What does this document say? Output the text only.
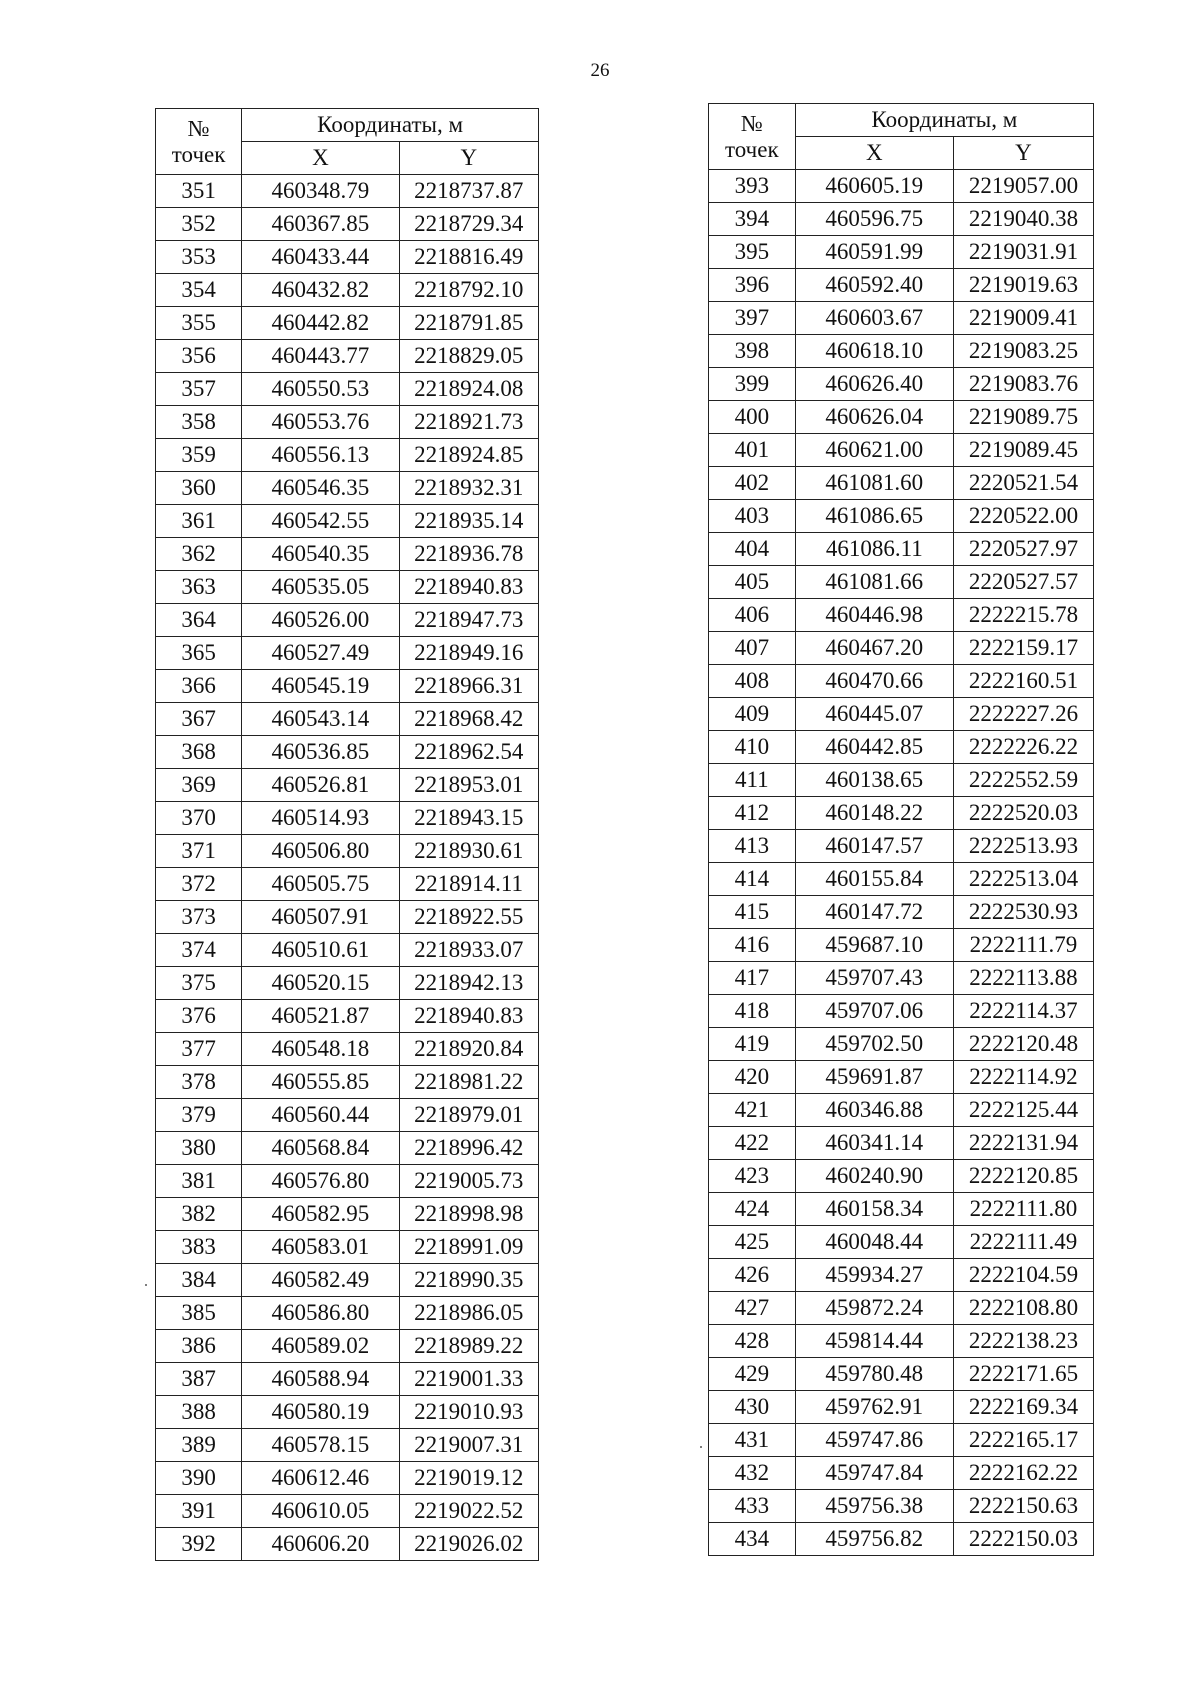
26
№
точек	Координаты, м	
	X	Y
351	460348.79	2218737.87
352	460367.85	2218729.34
353	460433.44	2218816.49
354	460432.82	2218792.10
355	460442.82	2218791.85
356	460443.77	2218829.05
357	460550.53	2218924.08
358	460553.76	2218921.73
359	460556.13	2218924.85
360	460546.35	2218932.31
361	460542.55	2218935.14
362	460540.35	2218936.78
363	460535.05	2218940.83
364	460526.00	2218947.73
365	460527.49	2218949.16
366	460545.19	2218966.31
367	460543.14	2218968.42
368	460536.85	2218962.54
369	460526.81	2218953.01
370	460514.93	2218943.15
371	460506.80	2218930.61
372	460505.75	2218914.11
373	460507.91	2218922.55
374	460510.61	2218933.07
375	460520.15	2218942.13
376	460521.87	2218940.83
377	460548.18	2218920.84
378	460555.85	2218981.22
379	460560.44	2218979.01
380	460568.84	2218996.42
381	460576.80	2219005.73
382	460582.95	2218998.98
383	460583.01	2218991.09
384	460582.49	2218990.35
385	460586.80	2218986.05
386	460589.02	2218989.22
387	460588.94	2219001.33
388	460580.19	2219010.93
389	460578.15	2219007.31
390	460612.46	2219019.12
391	460610.05	2219022.52
392	460606.20	2219026.02
№
точек	Координаты, м	
	X	Y
393	460605.19	2219057.00
394	460596.75	2219040.38
395	460591.99	2219031.91
396	460592.40	2219019.63
397	460603.67	2219009.41
398	460618.10	2219083.25
399	460626.40	2219083.76
400	460626.04	2219089.75
401	460621.00	2219089.45
402	461081.60	2220521.54
403	461086.65	2220522.00
404	461086.11	2220527.97
405	461081.66	2220527.57
406	460446.98	2222215.78
407	460467.20	2222159.17
408	460470.66	2222160.51
409	460445.07	2222227.26
410	460442.85	2222226.22
411	460138.65	2222552.59
412	460148.22	2222520.03
413	460147.57	2222513.93
414	460155.84	2222513.04
415	460147.72	2222530.93
416	459687.10	2222111.79
417	459707.43	2222113.88
418	459707.06	2222114.37
419	459702.50	2222120.48
420	459691.87	2222114.92
421	460346.88	2222125.44
422	460341.14	2222131.94
423	460240.90	2222120.85
424	460158.34	2222111.80
425	460048.44	2222111.49
426	459934.27	2222104.59
427	459872.24	2222108.80
428	459814.44	2222138.23
429	459780.48	2222171.65
430	459762.91	2222169.34
431	459747.86	2222165.17
432	459747.84	2222162.22
433	459756.38	2222150.63
434	459756.82	2222150.03
